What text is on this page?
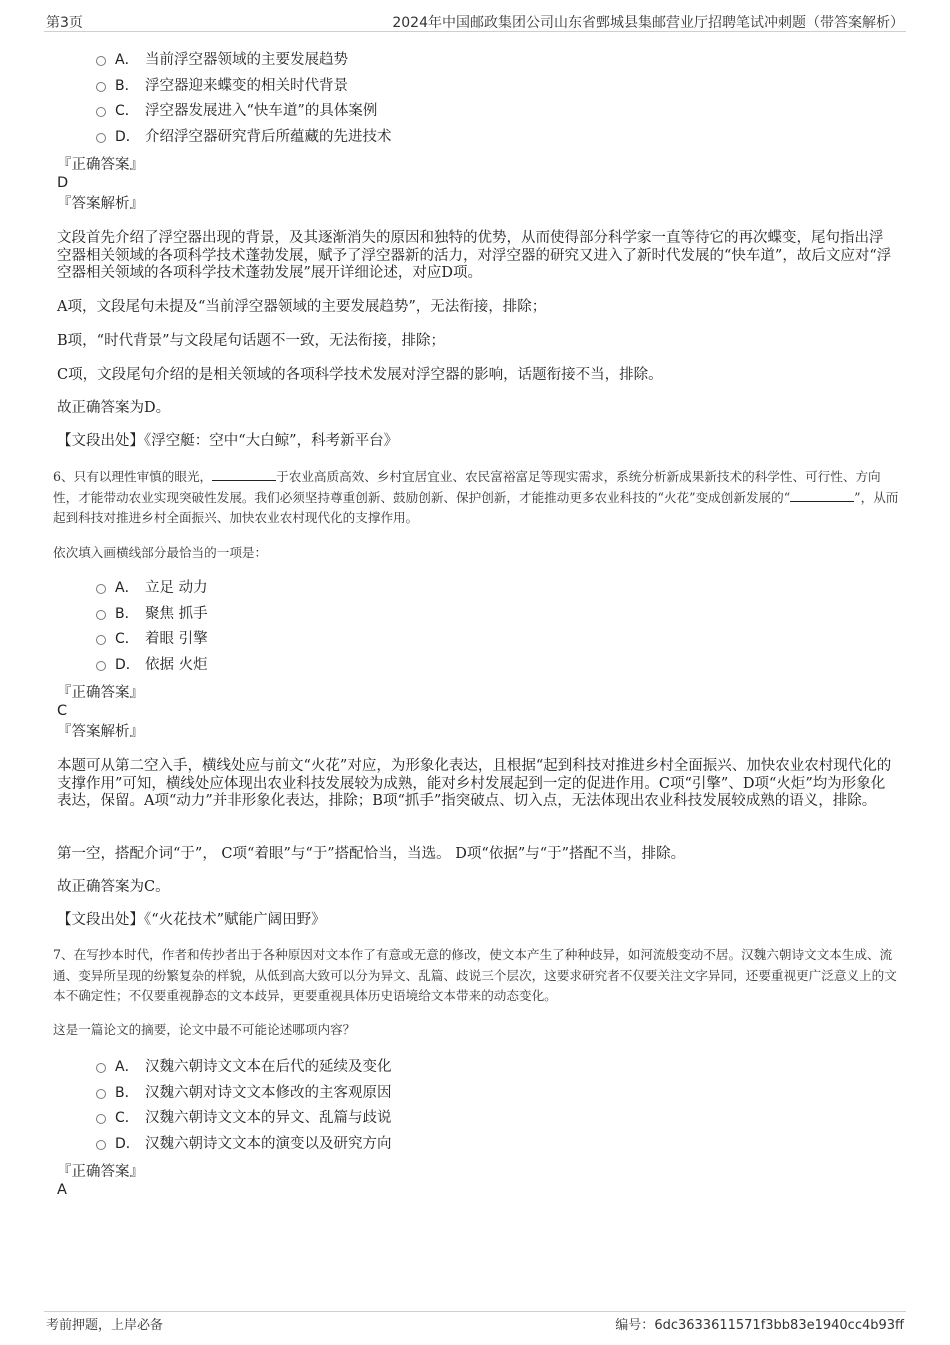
第3页	2024年中国邮政集团公司山东省鄄城县集邮营业厅招聘笔试冲刺题（带答案解析）
A． 当前浮空器领域的主要发展趋势
B． 浮空器迎来蝶变的相关时代背景
C． 浮空器发展进入“快车道”的具体案例
D． 介绍浮空器研究背后所蕴藏的先进技术
『正确答案』
D
『答案解析』
文段首先介绍了浮空器出现的背景，及其逐渐消失的原因和独特的优势，从而使得部分科学家一直等待它的再次蝶变，尾句指出浮空器相关领域的各项科学技术蓬勃发展，赋予了浮空器新的活力，对浮空器的研究又进入了新时代发展的“快车道”，故后文应对“浮空器相关领域的各项科学技术蓬勃发展”展开详细论述，对应D项。
A项，文段尾句未提及“当前浮空器领域的主要发展趋势”，无法衔接，排除；
B项，“时代背景”与文段尾句话题不一致，无法衔接，排除；
C项，文段尾句介绍的是相关领域的各项科学技术发展对浮空器的影响，话题衔接不当，排除。
故正确答案为D。
【文段出处】《浮空艇：空中“大白鲸”，科考新平台》
6、只有以理性审慎的眼光，	于农业高质高效、乡村宜居宜业、农民富裕富足等现实需求，系统分析新成果新技术的科学性、可行性、方向性，才能带动农业实现突破性发展。我们必须坚持尊重创新、鼓励创新、保护创新，才能推动更多农业科技的“火花”变成创新发展的“	”，从而起到科技对推进乡村全面振兴、加快农业农村现代化的支撑作用。
依次填入画横线部分最恰当的一项是：
A． 立足 动力
B． 聚焦 抓手
C． 着眼 引擎
D． 依据 火炬
『正确答案』
C
『答案解析』
本题可从第二空入手，横线处应与前文“火花”对应，为形象化表达，且根据“起到科技对推进乡村全面振兴、加快农业农村现代化的支撑作用”可知，横线处应体现出农业科技发展较为成熟，能对乡村发展起到一定的促进作用。C项“引擎”、D项“火炬”均为形象化表达，保留。A项“动力”并非形象化表达，排除；B项“抓手”指突破点、切入点，无法体现出农业科技发展较成熟的语义，排除。
第一空，搭配介词“于”， C项“着眼”与“于”搭配恰当，当选。 D项“依据”与“于”搭配不当，排除。
故正确答案为C。
【文段出处】《“火花技术”赋能广阔田野》
7、在写抄本时代，作者和传抄者出于各种原因对文本作了有意或无意的修改，使文本产生了种种歧异，如河流般变动不居。汉魏六朝诗文文本生成、流通、变异所呈现的纷繁复杂的样貌，从低到高大致可以分为异文、乱篇、歧说三个层次，这要求研究者不仅要关注文字异同，还要重视更广泛意义上的文本不确定性；不仅要重视静态的文本歧异，更要重视具体历史语境给文本带来的动态变化。
这是一篇论文的摘要，论文中最不可能论述哪项内容？
A． 汉魏六朝诗文文本在后代的延续及变化
B． 汉魏六朝对诗文文本修改的主客观原因
C． 汉魏六朝诗文文本的异文、乱篇与歧说
D． 汉魏六朝诗文文本的演变以及研究方向
『正确答案』
A
考前押题，上岸必备	编号：6dc3633611571f3bb83e1940cc4b93ff
